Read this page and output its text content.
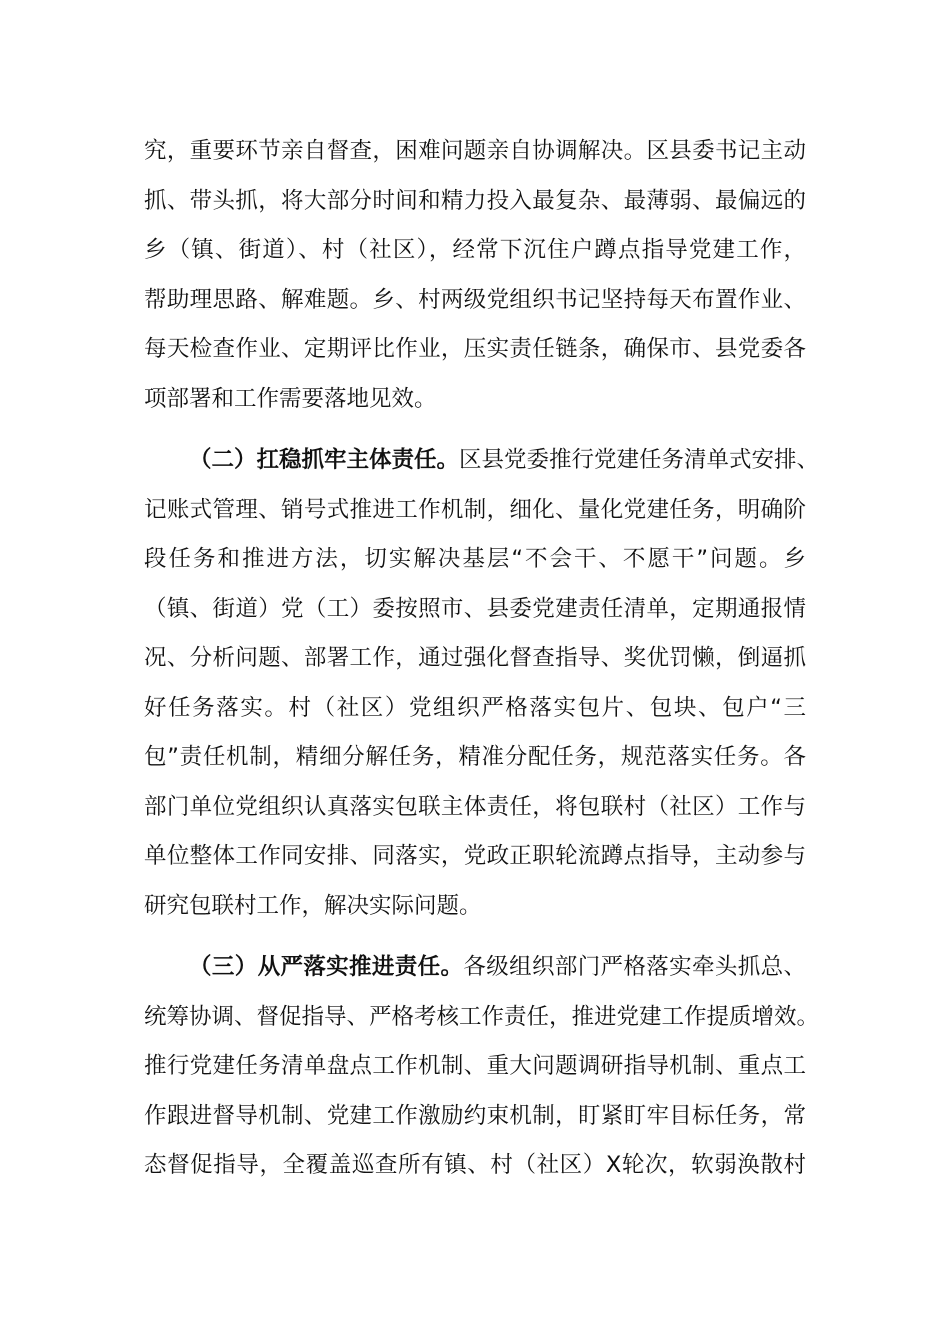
究，重要环节亲自督查，困难问题亲自协调解决。区县委书记主动
抓、带头抓，将大部分时间和精力投入最复杂、最薄弱、最偏远的
乡（镇、街道）、村（社区），经常下沉住户蹲点指导党建工作，
帮助理思路、解难题。乡、村两级党组织书记坚持每天布置作业、
每天检查作业、定期评比作业，压实责任链条，确保市、县党委各
项部署和工作需要落地见效。
（二）扛稳抓牢主体责任。区县党委推行党建任务清单式安排、
记账式管理、销号式推进工作机制，细化、量化党建任务，明确阶
段任务和推进方法，切实解决基层“不会干、不愿干”问题。乡
（镇、街道）党（工）委按照市、县委党建责任清单，定期通报情
况、分析问题、部署工作，通过强化督查指导、奖优罚懒，倒逼抓
好任务落实。村（社区）党组织严格落实包片、包块、包户“三
包”责任机制，精细分解任务，精准分配任务，规范落实任务。各
部门单位党组织认真落实包联主体责任，将包联村（社区）工作与
单位整体工作同安排、同落实，党政正职轮流蹲点指导，主动参与
研究包联村工作，解决实际问题。
（三）从严落实推进责任。各级组织部门严格落实牵头抓总、
统筹协调、督促指导、严格考核工作责任，推进党建工作提质增效。
推行党建任务清单盘点工作机制、重大问题调研指导机制、重点工
作跟进督导机制、党建工作激励约束机制，盯紧盯牢目标任务，常
态督促指导，全覆盖巡查所有镇、村（社区）X轮次，软弱涣散村
